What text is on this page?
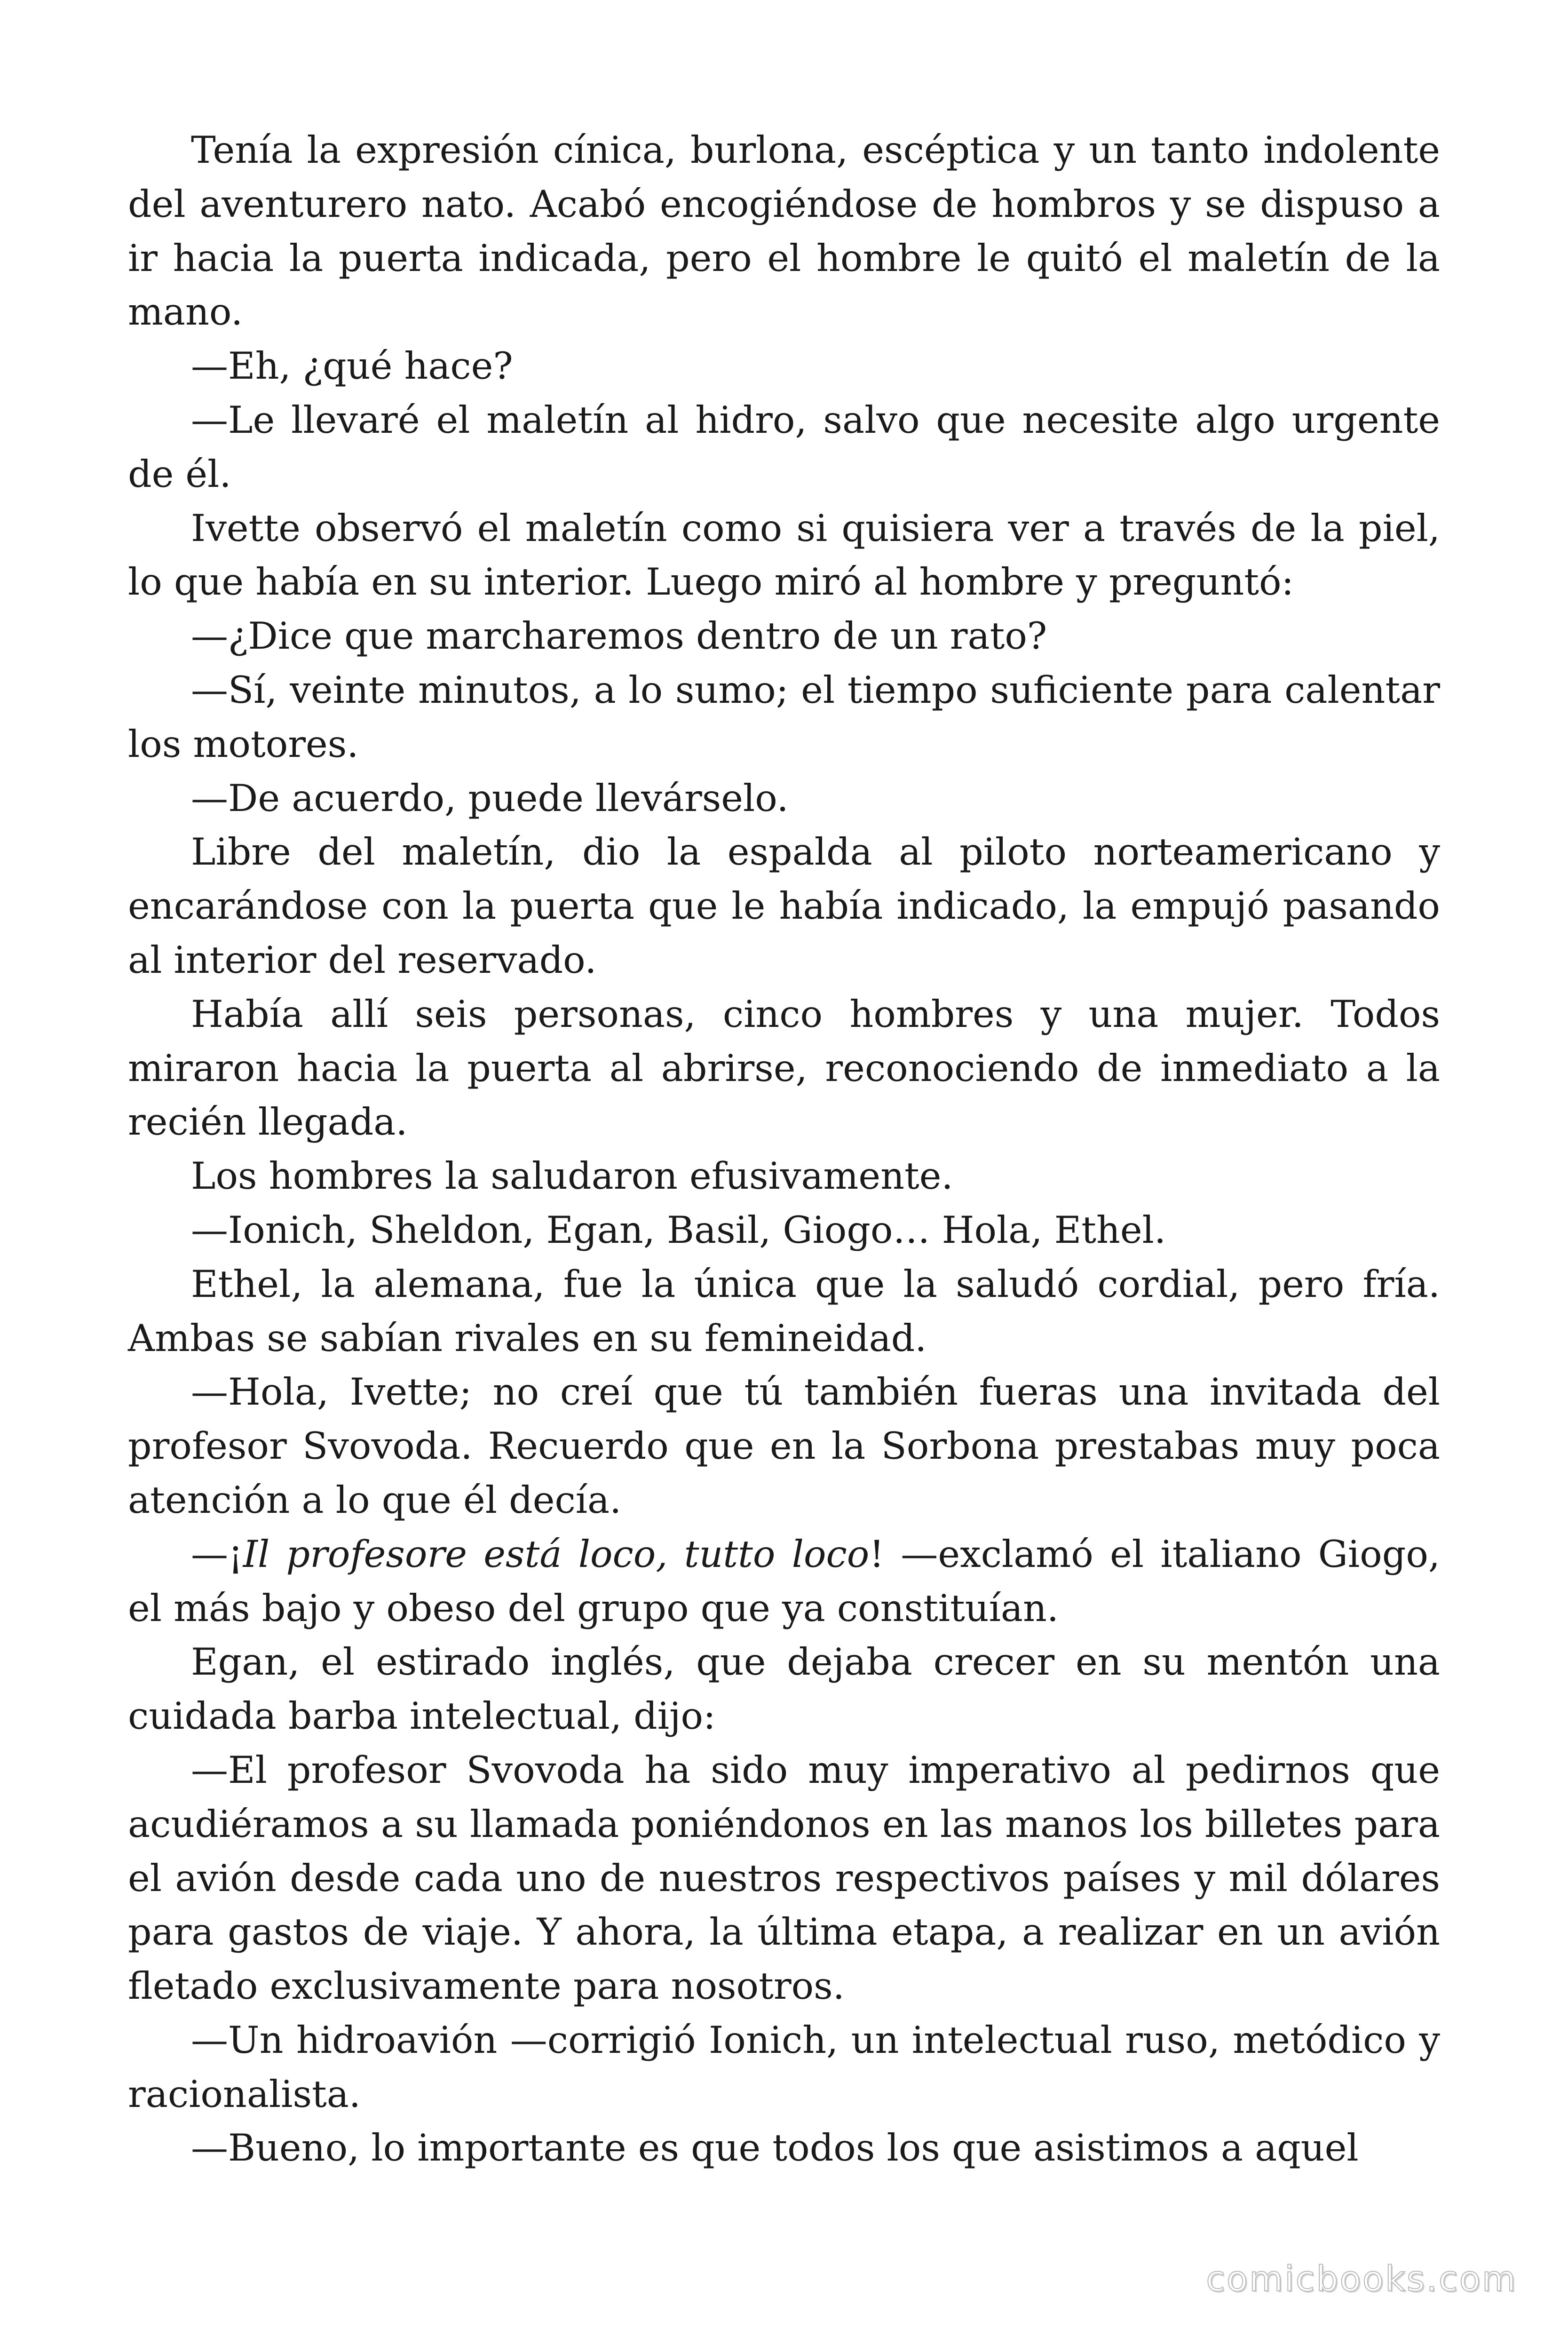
Tenía la expresión cínica, burlona, escéptica y un tanto indolente del aventurero nato. Acabó encogiéndose de hombros y se dispuso a ir hacia la puerta indicada, pero el hombre le quitó el maletín de la mano.

—Eh, ¿qué hace?

—Le llevaré el maletín al hidro, salvo que necesite algo urgente de él.

Ivette observó el maletín como si quisiera ver a través de la piel, lo que había en su interior. Luego miró al hombre y preguntó:

—¿Dice que marcharemos dentro de un rato?

—Sí, veinte minutos, a lo sumo; el tiempo suficiente para calentar los motores.

—De acuerdo, puede llevárselo.

Libre del maletín, dio la espalda al piloto norteamericano y encarándose con la puerta que le había indicado, la empujó pasando al interior del reservado.

Había allí seis personas, cinco hombres y una mujer. Todos miraron hacia la puerta al abrirse, reconociendo de inmediato a la recién llegada.

Los hombres la saludaron efusivamente.

—Ionich, Sheldon, Egan, Basil, Giogo… Hola, Ethel.

Ethel, la alemana, fue la única que la saludó cordial, pero fría. Ambas se sabían rivales en su femineidad.

—Hola, Ivette; no creí que tú también fueras una invitada del profesor Svovoda. Recuerdo que en la Sorbona prestabas muy poca atención a lo que él decía.

—¡Il profesore está loco, tutto loco! —exclamó el italiano Giogo, el más bajo y obeso del grupo que ya constituían.

Egan, el estirado inglés, que dejaba crecer en su mentón una cuidada barba intelectual, dijo:

—El profesor Svovoda ha sido muy imperativo al pedirnos que acudiéramos a su llamada poniéndonos en las manos los billetes para el avión desde cada uno de nuestros respectivos países y mil dólares para gastos de viaje. Y ahora, la última etapa, a realizar en un avión fletado exclusivamente para nosotros.

—Un hidroavión —corrigió Ionich, un intelectual ruso, metódico y racionalista.

—Bueno, lo importante es que todos los que asistimos a aquel

comicbooks.com
